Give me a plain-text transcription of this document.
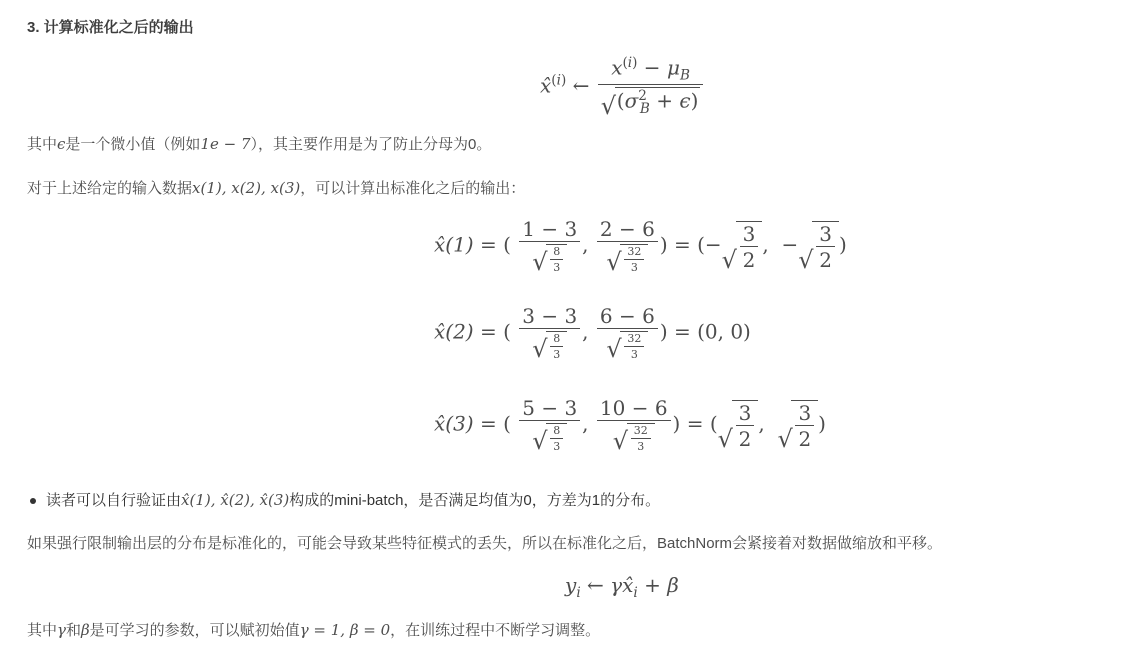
3. 计算标准化之后的输出
x̂$^{(i)}$ ← $\frac{x^{(i)} - \mu_B}{√ (\sigma^2_B + \epsilon)}$
其中ϵ是一个微小值（例如1e − 7），其主要作用是为了防止分母为0。
对于上述给定的输入数据x(1), x(2), x(3)，可以计算出标准化之后的输出：
x̂(1) = ( $\frac{1 - 3}{√ \frac{8}{3}}$ , $\frac{2 - 6}{√ \frac{32}{3}}$ ) = (−
√ $\frac{3}{2}$ ,  −
√ $\frac{3}{2}$ )
x̂(2) = ( $\frac{3 - 3}{√ \frac{8}{3}}$ , $\frac{6 - 6}{√ \frac{32}{3}}$ ) = (0, 0)
x̂(3) = ( $\frac{5 - 3}{√ \frac{8}{3}}$ , $\frac{10 - 6}{√ \frac{32}{3}}$ ) = (
√ $\frac{3}{2}$ ,
√ $\frac{3}{2}$ )
读者可以自行验证由x̂(1), x̂(2), x̂(3)构成的mini-batch，是否满足均值为0，方差为1的分布。
如果强行限制输出层的分布是标准化的，可能会导致某些特征模式的丢失，所以在标准化之后，BatchNorm会紧接着对数据做缩放和平移。
$y_i$ ← $\gamma x̂_i + \beta$
其中γ和β是可学习的参数，可以赋初始值γ = 1, β = 0，在训练过程中不断学习调整。
